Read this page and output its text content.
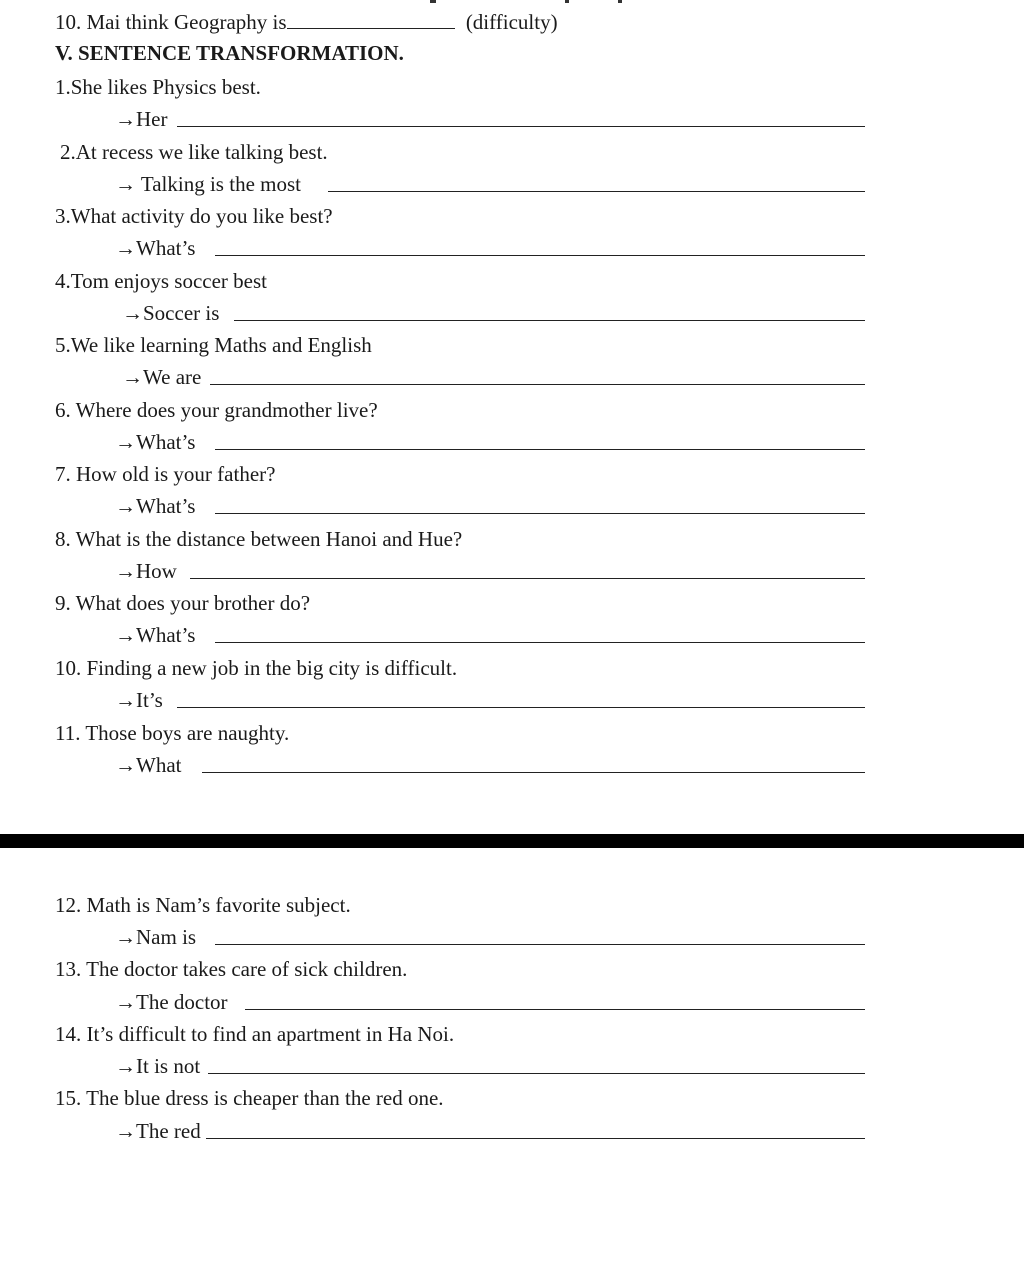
10. Mai think Geography is	(difficulty)
V. SENTENCE TRANSFORMATION.
1.She likes Physics best.
→Her
2.At recess we like talking best.
→ Talking is the most
3.What activity do you like best?
→What’s
4.Tom enjoys soccer best
→Soccer is
5.We like learning Maths and English
→We are
6. Where does your grandmother live?
→What’s
7. How old is your father?
→What’s
8. What is the distance between Hanoi and Hue?
→How
9. What does your brother do?
→What’s
10. Finding a new job in the big city is difficult.
→It’s
11. Those boys are naughty.
→What
12. Math is Nam’s favorite subject.
→Nam is
13. The doctor takes care of sick children.
→The doctor
14. It’s difficult to find an apartment in Ha Noi.
→It is not
15. The blue dress is cheaper than the red one.
→The red
